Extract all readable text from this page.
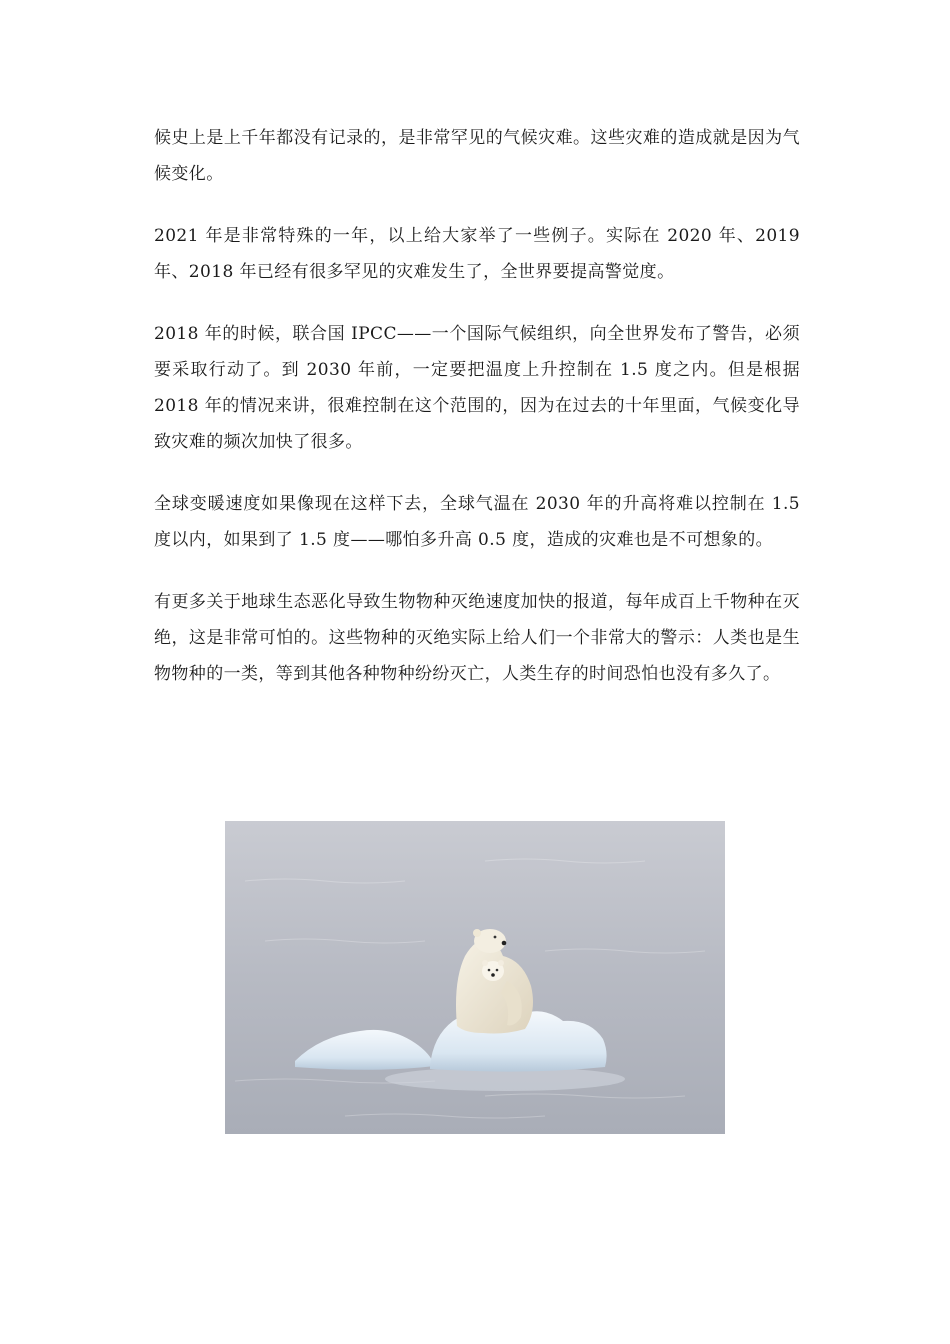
候史上是上千年都没有记录的，是非常罕见的气候灾难。这些灾难的造成就是因为气候变化。

2021 年是非常特殊的一年，以上给大家举了一些例子。实际在 2020 年、2019 年、2018 年已经有很多罕见的灾难发生了，全世界要提高警觉度。

2018 年的时候，联合国 IPCC——一个国际气候组织，向全世界发布了警告，必须要采取行动了。到 2030 年前，一定要把温度上升控制在 1.5 度之内。但是根据 2018 年的情况来讲，很难控制在这个范围的，因为在过去的十年里面，气候变化导致灾难的频次加快了很多。

全球变暖速度如果像现在这样下去，全球气温在 2030 年的升高将难以控制在 1.5 度以内，如果到了 1.5 度——哪怕多升高 0.5 度，造成的灾难也是不可想象的。

有更多关于地球生态恶化导致生物物种灭绝速度加快的报道，每年成百上千物种在灭绝，这是非常可怕的。这些物种的灭绝实际上给人们一个非常大的警示：人类也是生物物种的一类，等到其他各种物种纷纷灭亡，人类生存的时间恐怕也没有多久了。
